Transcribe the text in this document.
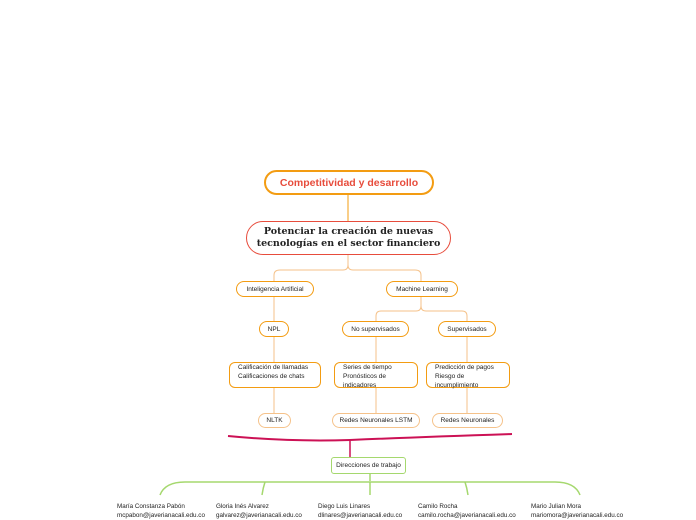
Competitividad y desarrollo
Potenciar la creación de nuevas
tecnologías en el sector financiero
Inteligencia Artificial	Machine Learning
NPL	No supervisados	Supervisados
Calificación de llamadas
Calificaciones de chats
Series de tiempo
Pronósticos de indicadores
Predicción de pagos
Riesgo de incumplimiento
NLTK	Redes Neuronales LSTM	Redes Neuronales
Direcciones de trabajo
María Constanza Pabón
mcpabon@javerianacali.edu.co
Gloria Inés Alvarez
galvarez@javerianacali.edu.co
Diego Luis Linares
dlinares@javerianacali.edu.co
Camilo Rocha
camilo.rocha@javerianacali.edu.co
Mario Julian Mora
mariomora@javerianacali.edu.co
